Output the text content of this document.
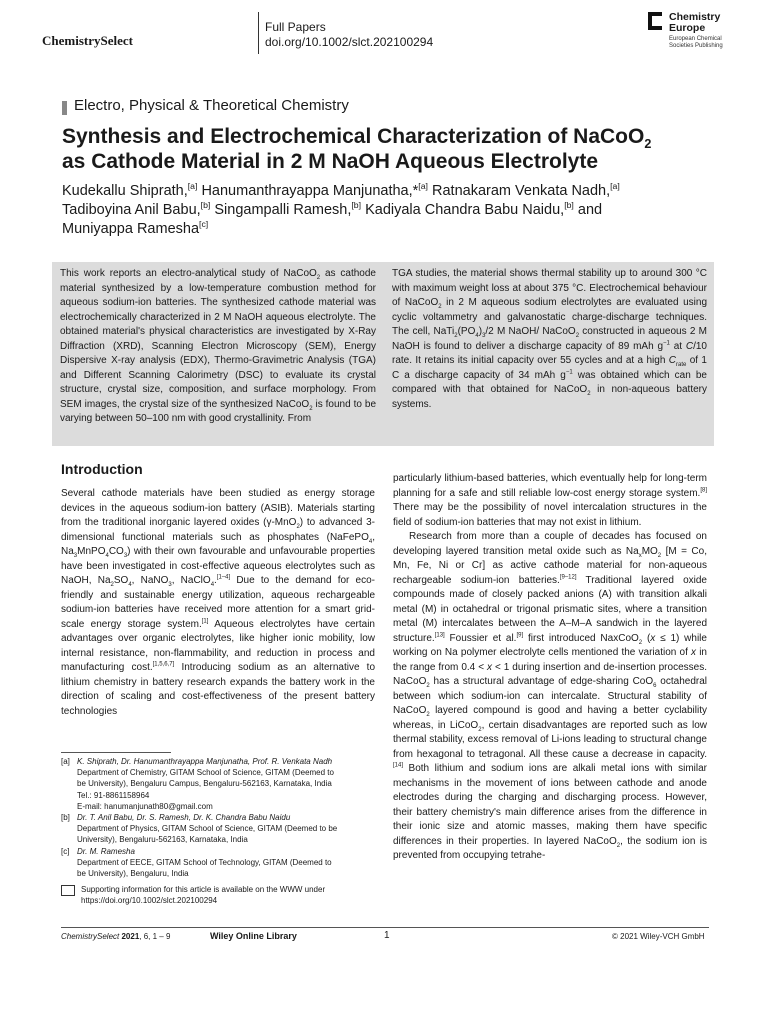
ChemistrySelect
Full Papers
doi.org/10.1002/slct.202100294
Chemistry
Europe
European Chemical
Societies Publishing
Electro, Physical & Theoretical Chemistry
Synthesis and Electrochemical Characterization of NaCoO$_2$
as Cathode Material in 2 M NaOH Aqueous Electrolyte
Kudekallu Shiprath,[a] Hanumanthrayappa Manjunatha,*[a] Ratnakaram Venkata Nadh,[a]
Tadiboyina Anil Babu,[b] Singampalli Ramesh,[b] Kadiyala Chandra Babu Naidu,[b] and
Muniyappa Ramesha[c]
This work reports an electro-analytical study of NaCoO$_2$ as cathode material synthesized by a low-temperature combustion method for aqueous sodium-ion batteries. The synthesized cathode material was electrochemically characterized in 2 M NaOH aqueous electrolyte. The obtained material's physical characteristics are investigated by X-Ray Diffraction (XRD), Scanning Electron Microscopy (SEM), Energy Dispersive X-ray analysis (EDX), Thermo-Gravimetric Analysis (TGA) and Different Scanning Calorimetry (DSC) to evaluate its crystal structure, crystal size, composition, and surface morphology. From SEM images, the crystal size of the synthesized NaCoO$_2$ is found to be varying between 50–100 nm with good crystallinity. From
TGA studies, the material shows thermal stability up to around 300 °C with maximum weight loss at about 375 °C. Electrochemical behaviour of NaCoO$_2$ in 2 M aqueous sodium electrolytes are evaluated using cyclic voltammetry and galvanostatic charge-discharge techniques. The cell, $NaTi_2(PO_4)_3/2$ M NaOH/ NaCoO$_2$ constructed in aqueous 2 M NaOH is found to deliver a discharge capacity of 89 mAh $g^{-1}$ at C/10 rate. It retains its initial capacity over 55 cycles and at a high $C_{rate}$ of 1 C a discharge capacity of 34 mAh $g^{-1}$ was obtained which can be compared with that obtained for NaCoO$_2$ in non-aqueous battery systems.
Introduction

Several cathode materials have been studied as energy storage devices in the aqueous sodium-ion battery (ASIB). Materials starting from the traditional inorganic layered oxides (γ-MnO$_2$) to advanced 3-dimensional functional materials such as phosphates (NaFePO$_4$, $Na_3MnPO_4CO_3$) with their own favourable and unfavourable properties have been investigated in cost-effective aqueous electrolytes such as NaOH, $Na_2SO_4$, NaNO$_3$, NaClO$_4$.[1–4] Due to the demand for eco-friendly and sustainable energy utilization, aqueous rechargeable sodium-ion batteries have received more attention for a smart grid-scale energy storage system.[1] Aqueous electrolytes have certain advantages over organic electrolytes, like higher ionic mobility, low internal resistance, non-flammability, and reduction in process and manufacturing cost.[1,5,6,7] Introducing sodium as an alternative to lithium chemistry in battery research expands the battery work in the direction of scaling and cost-effectiveness of the present battery technologies

particularly lithium-based batteries, which eventually help for long-term planning for a safe and still reliable low-cost energy storage system.[8] There may be the possibility of novel intercalation structures in the field of sodium-ion batteries that may not exist in lithium.

Research from more than a couple of decades has focused on developing layered transition metal oxide such as $Na_xMO_2$ [M = Co, Mn, Fe, Ni or Cr] as active cathode material for non-aqueous rechargeable sodium-ion batteries.[9–12] Traditional layered oxide compounds made of closely packed anions (A) with transition alkali metal (M) in octahedral or trigonal prismatic sites, where a transition metal (M) intercalates between the A–M–A sandwich in the layered structure.[13] Foussier et al.[9] first introduced NaxCoO$_2$ (x ≤ 1) while working on Na polymer electrolyte cells mentioned the variation of x in the range from 0.4 < x < 1 during insertion and de-insertion processes. NaCoO$_2$ has a structural advantage of edge-sharing CoO$_6$ octahedral between which sodium-ion can intercalate. Structural stability of NaCoO$_2$ layered compound is good and having a better cyclability whereas, in LiCoO$_2$, certain disadvantages are reported such as low thermal stability, excess removal of Li-ions leading to structural change from hexagonal to tetragonal. All these cause a decrease in capacity.[14] Both lithium and sodium ions are alkali metal ions with similar mechanisms in the movement of ions between cathode and anode electrodes during the charging and discharging process. However, their battery chemistry's main difference arises from the difference in their ionic size and atomic masses, making them have specific differences in their properties. In layered NaCoO$_2$, the sodium ion is prevented from occupying tetrahe-

[a] K. Shiprath, Dr. Hanumanthrayappa Manjunatha, Prof. R. Venkata Nadh
Department of Chemistry, GITAM School of Science, GITAM (Deemed to
be University), Bengaluru Campus, Bengaluru-562163, Karnataka, India
Tel.: 91-8861158964
E-mail: hanumanjunath80@gmail.com
[b] Dr. T. Anil Babu, Dr. S. Ramesh, Dr. K. Chandra Babu Naidu
Department of Physics, GITAM School of Science, GITAM (Deemed to be
University), Bengaluru-562163, Karnataka, India
[c] Dr. M. Ramesha
Department of EECE, GITAM School of Technology, GITAM (Deemed to
be University), Bengaluru, India
Supporting information for this article is available on the WWW under
https://doi.org/10.1002/slct.202100294
ChemistrySelect 2021, 6, 1 – 9	Wiley Online Library	1	© 2021 Wiley-VCH GmbH
